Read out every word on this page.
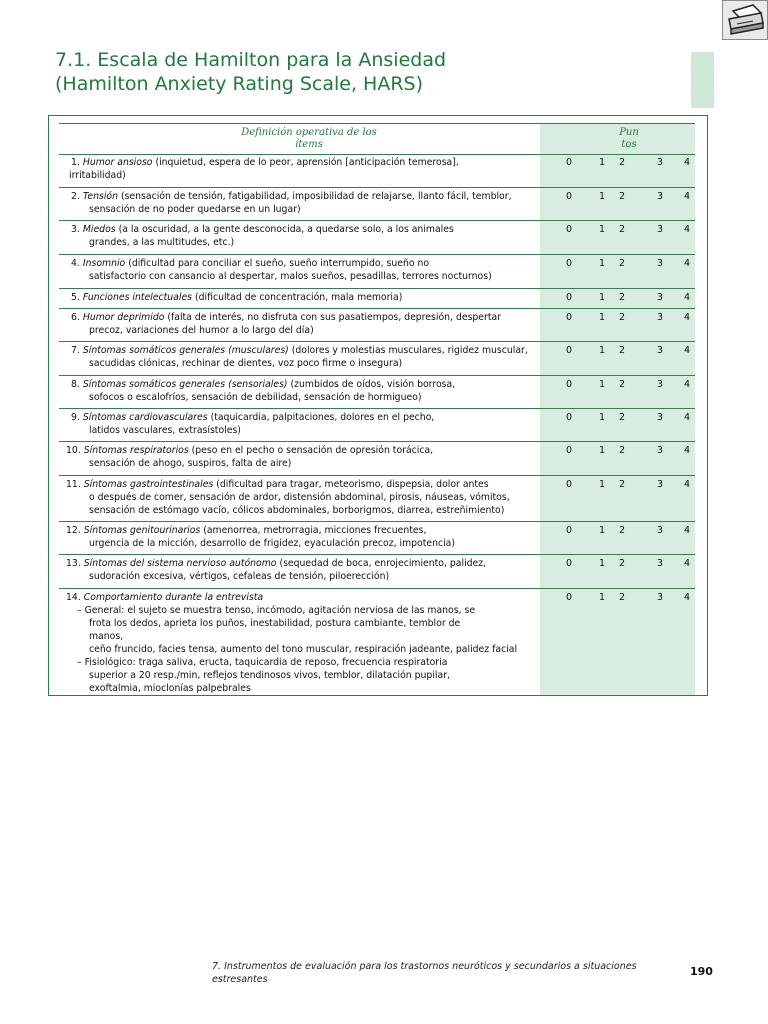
7.1. Escala de Hamilton para la Ansiedad
(Hamilton Anxiety Rating Scale, HARS)
Definición operativa de los
ítems
Pun
tos
1. Humor ansioso (inquietud, espera de lo peor, aprensión [anticipación temerosa],
irritabilidad)
0	1 2	3 4
2. Tensión (sensación de tensión, fatigabilidad, imposibilidad de relajarse, llanto fácil, temblor,
sensación de no poder quedarse en un lugar)
0	1 2	3 4
3. Miedos (a la oscuridad, a la gente desconocida, a quedarse solo, a los animales
grandes, a las multitudes, etc.)
0	1 2	3 4
4. Insomnio (dificultad para conciliar el sueño, sueño interrumpido, sueño no
satisfactorio con cansancio al despertar, malos sueños, pesadillas, terrores nocturnos)
0	1 2	3 4
5. Funciones intelectuales (dificultad de concentración, mala memoria)	0	1 2	3 4
6. Humor deprimido (falta de interés, no disfruta con sus pasatiempos, depresión, despertar
precoz, variaciones del humor a lo largo del día)
0	1 2	3 4
7. Síntomas somáticos generales (musculares) (dolores y molestias musculares, rigidez muscular,
sacudidas clónicas, rechinar de dientes, voz poco firme o insegura)
0	1 2	3 4
8. Síntomas somáticos generales (sensoriales) (zumbidos de oídos, visión borrosa,
sofocos o escalofríos, sensación de debilidad, sensación de hormigueo)
0	1 2	3 4
9. Síntomas cardiovasculares (taquicardia, palpitaciones, dolores en el pecho,
latidos vasculares, extrasístoles)
0	1 2	3 4
10. Síntomas respiratorios (peso en el pecho o sensación de opresión torácica,
sensación de ahogo, suspiros, falta de aire)
0	1 2	3 4
11. Síntomas gastrointestinales (dificultad para tragar, meteorismo, dispepsia, dolor antes
o después de comer, sensación de ardor, distensión abdominal, pirosis, náuseas, vómitos,
sensación de estómago vacío, cólicos abdominales, borborigmos, diarrea, estreñimiento)
0	1 2	3 4
12. Síntomas genitourinarios (amenorrea, metrorragia, micciones frecuentes,
urgencia de la micción, desarrollo de frigidez, eyaculación precoz, impotencia)
0	1 2	3 4
13. Síntomas del sistema nervioso autónomo (sequedad de boca, enrojecimiento, palidez,
sudoración excesiva, vértigos, cefaleas de tensión, piloerección)
0	1 2	3 4
14. Comportamiento durante la entrevista
– General: el sujeto se muestra tenso, incómodo, agitación nerviosa de las manos, se
frota los dedos, aprieta los puños, inestabilidad, postura cambiante, temblor de
manos,
ceño fruncido, facies tensa, aumento del tono muscular, respiración jadeante, palidez facial
– Fisiológico: traga saliva, eructa, taquicardia de reposo, frecuencia respiratoria
superior a 20 resp./min, reflejos tendinosos vivos, temblor, dilatación pupilar,
exoftalmia, mioclonías palpebrales
0	1 2	3 4
7. Instrumentos de evaluación para los trastornos neuróticos y secundarios a situaciones
estresantes
190
